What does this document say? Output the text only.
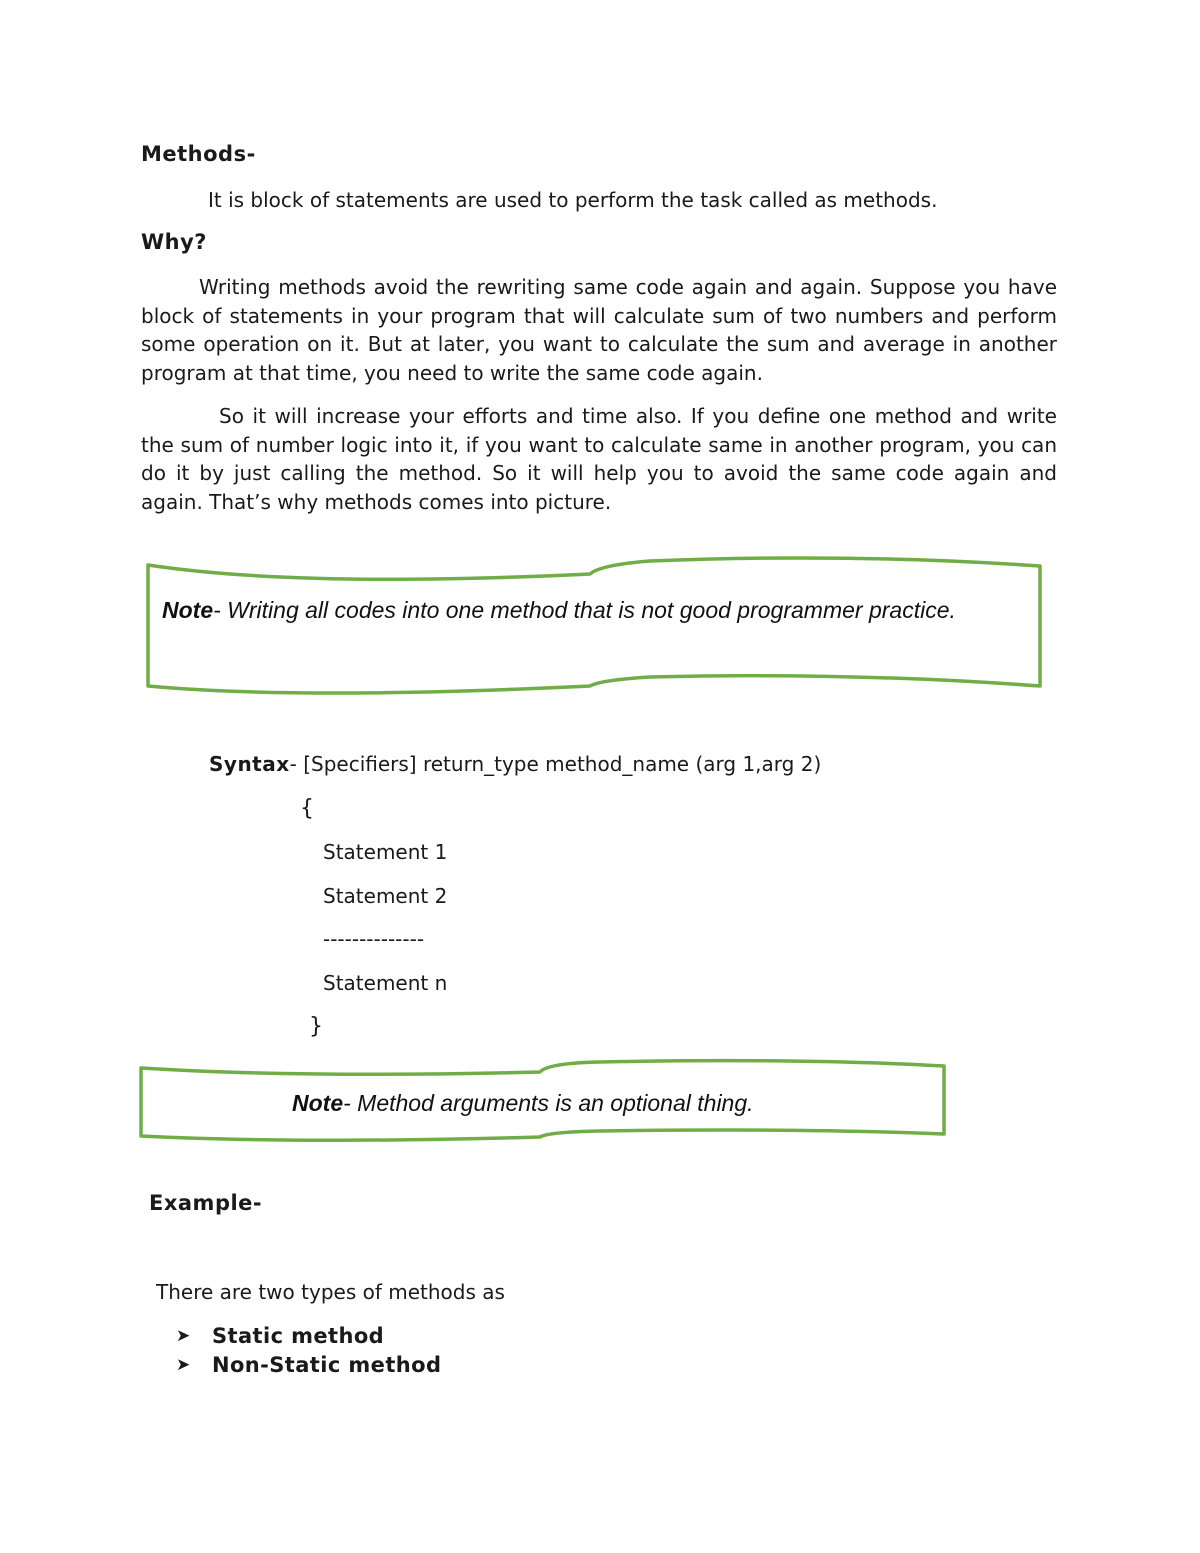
Methods-
It is block of statements are used to perform the task called as methods.
Why?
Writing methods avoid the rewriting same code again and again. Suppose you have block of statements in your program that will calculate sum of two numbers and perform some operation on it. But at later, you want to calculate the sum and average in another program at that time, you need to write the same code again.
So it will increase your efforts and time also. If you define one method and write the sum of number logic into it, if you want to calculate same in another program, you can do it by just calling the method. So it will help you to avoid the same code again and again. That’s why methods comes into picture.
Note- Writing all codes into one method that is not good programmer practice.
Syntax- [Specifiers] return_type method_name (arg 1,arg 2)
{
Statement 1
Statement 2
--------------
Statement n
}
Note- Method arguments is an optional thing.
Example-
There are two types of methods as
➤	Static method
➤	Non-Static method
